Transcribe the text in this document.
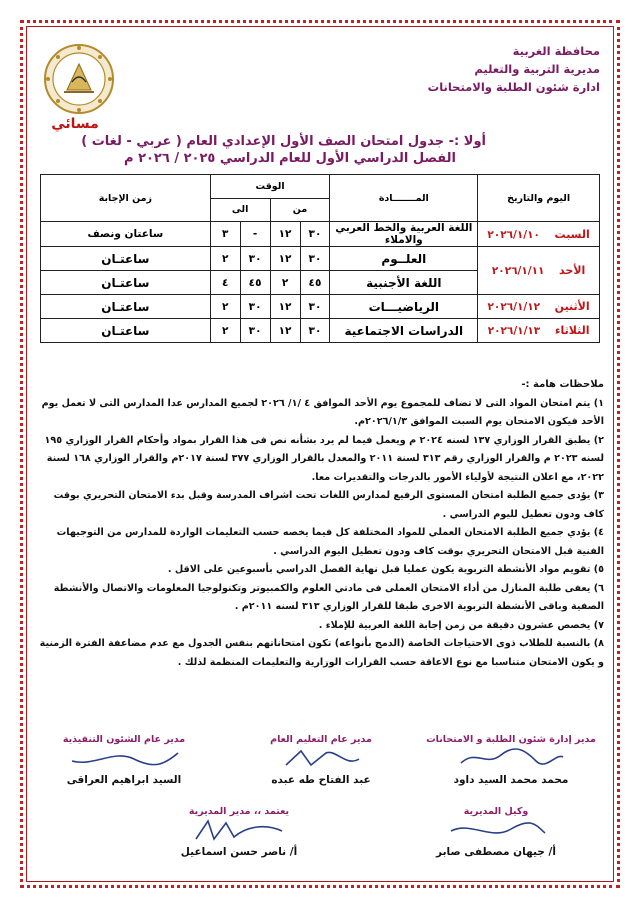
محافظة الغربية
مديرية التربية والتعليم
ادارة شئون الطلبة والامتحانات
مسائي
أولا :- جدول امتحان الصف الأول الإعدادي العام ( عربي - لغات )
الفصل الدراسي الأول للعام الدراسي ٢٠٢٥ / ٢٠٢٦ م
اليوم والتاريخ	المـــــــادة	الوقت				زمن الإجابة
		من		الى		
السبت    ٢٠٢٦/١/١٠	اللغة العربية والخط العربي والاملاء	٣٠	١٢	-	٣	ساعتان ونصف
الأحد    ٢٠٢٦/١/١١	العلــوم	٣٠	١٢	٣٠	٢	ساعتـان
	اللغة الأجنبية	٤٥	٢	٤٥	٤	ساعتـان
الأثنين    ٢٠٢٦/١/١٢	الرياضيـــات	٣٠	١٢	٣٠	٢	ساعتـان
الثلاثاء    ٢٠٢٦/١/١٣	الدراسات الاجتماعية	٣٠	١٢	٣٠	٢	ساعتـان
ملاحظات هامة :-

١) يتم امتحان المواد التى لا تضاف للمجموع يوم الأحد الموافق ٤ /١/ ٢٠٢٦ لجميع المدارس عدا المدارس التى لا تعمل يوم الأحد فيكون الامتحان يوم السبت الموافق ٢٠٢٦/١/٣م.

٢) يطبق القرار الوزاري ١٣٧ لسنه ٢٠٢٤ م ويعمل فيما لم يرد بشأنه نص فى هذا القرار بمواد وأحكام القرار الوزاري ١٩٥ لسنه ٢٠٢٣ م والقرار الوزاري رقم ٣١٣ لسنة ٢٠١١ والمعدل بالقرار الوزاري ٣٧٧ لسنة ٢٠١٧م والقرار الوزاري ١٦٨ لسنة ٢٠٢٢، مع اعلان النتيجة لأولياء الأمور بالدرجات والتقديرات معا.

٣) يؤدى جميع الطلبة امتحان المستوى الرفيع لمدارس اللغات تحت اشراف المدرسة وقبل بدء الامتحان التحريري بوقت كاف ودون تعطيل لليوم الدراسي .

٤) يؤدي جميع الطلبة الامتحان العملي للمواد المختلفة كل فيما يخصه حسب التعليمات الواردة للمدارس من التوجيهات الفنية قبل الامتحان التحريري بوقت كاف ودون تعطيل اليوم الدراسي .

٥) تقويم مواد الأنشطة التربوية يكون عمليا قبل نهاية الفصل الدراسي بأسبوعين على الاقل .

٦) يعفى طلبة المنازل من أداء الامتحان العملى فى مادتي العلوم والكمبيوتر وتكنولوجيا المعلومات والاتصال والأنشطة الصفية وباقى الأنشطة التربوية الاخرى طبقا للقرار الوزاري ٣١٣ لسنه ٢٠١١م .

٧) يخصص عشرون دقيقة من زمن إجابة اللغة العربية للإملاء .

٨) بالنسبة للطلاب ذوى الاحتياجات الخاصة (الدمج بأنواعه) تكون امتحاناتهم بنفس الجدول مع عدم مضاعفة الفترة الزمنية و يكون الامتحان متناسبا مع نوع الاعاقة حسب القرارات الوزارية والتعليمات المنظمة لذلك .

مدير إدارة شئون الطلبة و الامتحانات
محمد محمد السيد داود
مدير عام التعليم العام
عبد الفتاح طه عبده
مدير عام الشئون التنفيذية
السيد ابراهيم العراقى
وكيل المديرية
أ/ جيهان مصطفى صابر
يعتمد ،، مدير المديرية
أ/ ناصر حسن اسماعيل
